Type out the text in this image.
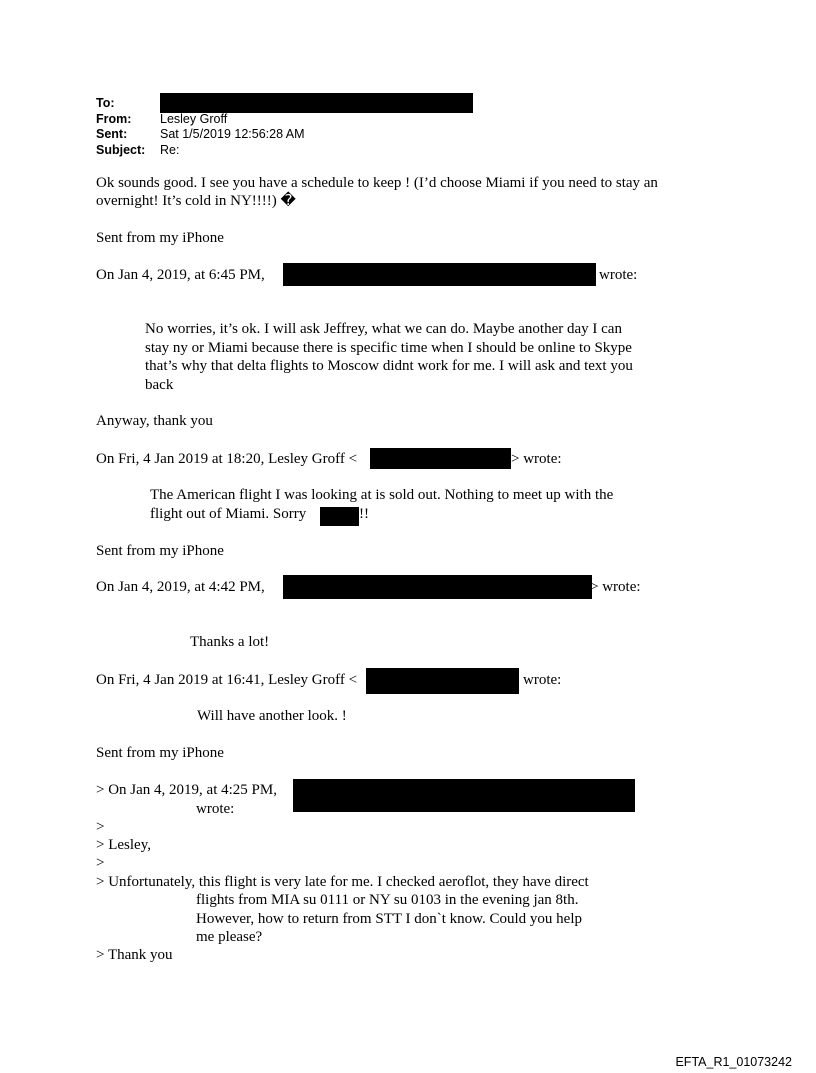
To:
From: Lesley Groff
Sent:	Sat 1/5/2019 12:56:28 AM
Subject: Re:
Ok sounds good. I see you have a schedule to keep ! (I’d choose Miami if you need to stay an
overnight! It’s cold in NY!!!!) �
Sent from my iPhone
On Jan 4, 2019, at 6:45 PM,	wrote:
No worries, it’s ok. I will ask Jeffrey, what we can do. Maybe another day I can
stay ny or Miami because there is specific time when I should be online to Skype
that’s why that delta flights to Moscow didnt work for me. I will ask and text you
back
Anyway, thank you
On Fri, 4 Jan 2019 at 18:20, Lesley Groff <	> wrote:
The American flight I was looking at is sold out. Nothing to meet up with the
flight out of Miami. Sorry	!!
Sent from my iPhone
On Jan 4, 2019, at 4:42 PM,	> wrote:
Thanks a lot!
On Fri, 4 Jan 2019 at 16:41, Lesley Groff <	wrote:
Will have another look. !
Sent from my iPhone
> On Jan 4, 2019, at 4:25 PM,
wrote:
>
> Lesley,
>
> Unfortunately, this flight is very late for me. I checked aeroflot, they have direct
flights from MIA su 0111 or NY su 0103 in the evening jan 8th.
However, how to return from STT I don`t know. Could you help
me please?
> Thank you
EFTA_R1_01073242
